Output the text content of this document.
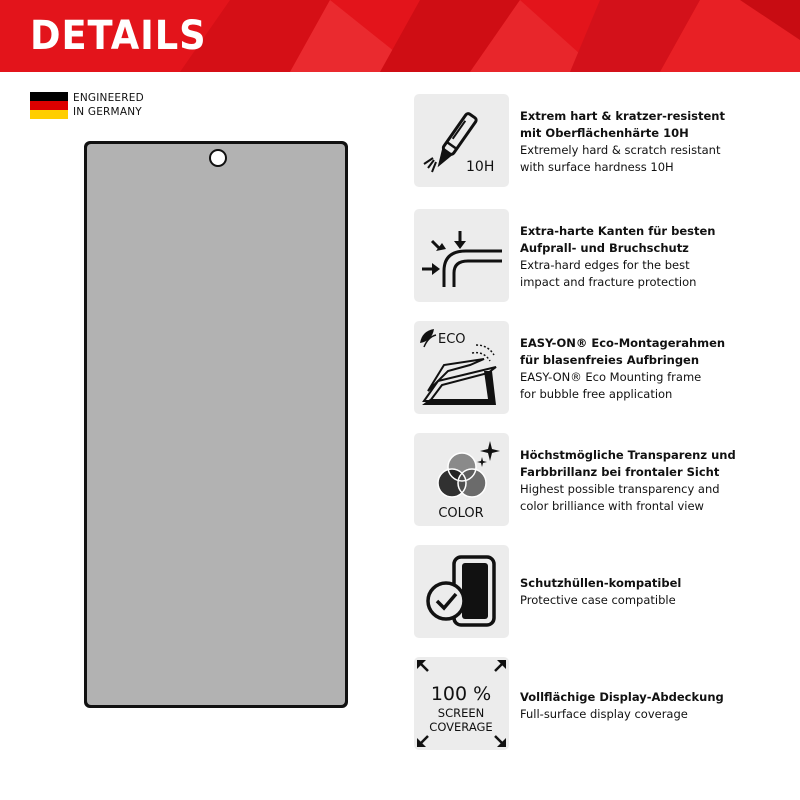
DETAILS
ENGINEERED
IN GERMANY
10H
Extrem hart & kratzer-resistent
mit Oberflächenhärte 10H
Extremely hard & scratch resistant
with surface hardness 10H
Extra-harte Kanten für besten
Aufprall- und Bruchschutz
Extra-hard edges for the best
impact and fracture protection
ECO	EASY-ON® Eco-Montagerahmen
für blasenfreies Aufbringen
EASY-ON® Eco Mounting frame
for bubble free application
COLOR
Höchstmögliche Transparenz und
Farbbrillanz bei frontaler Sicht
Highest possible transparency and
color brilliance with frontal view
Schutzhüllen-kompatibel
Protective case compatible
100 %
SCREEN
COVERAGE
Vollflächige Display-Abdeckung
Full-surface display coverage
